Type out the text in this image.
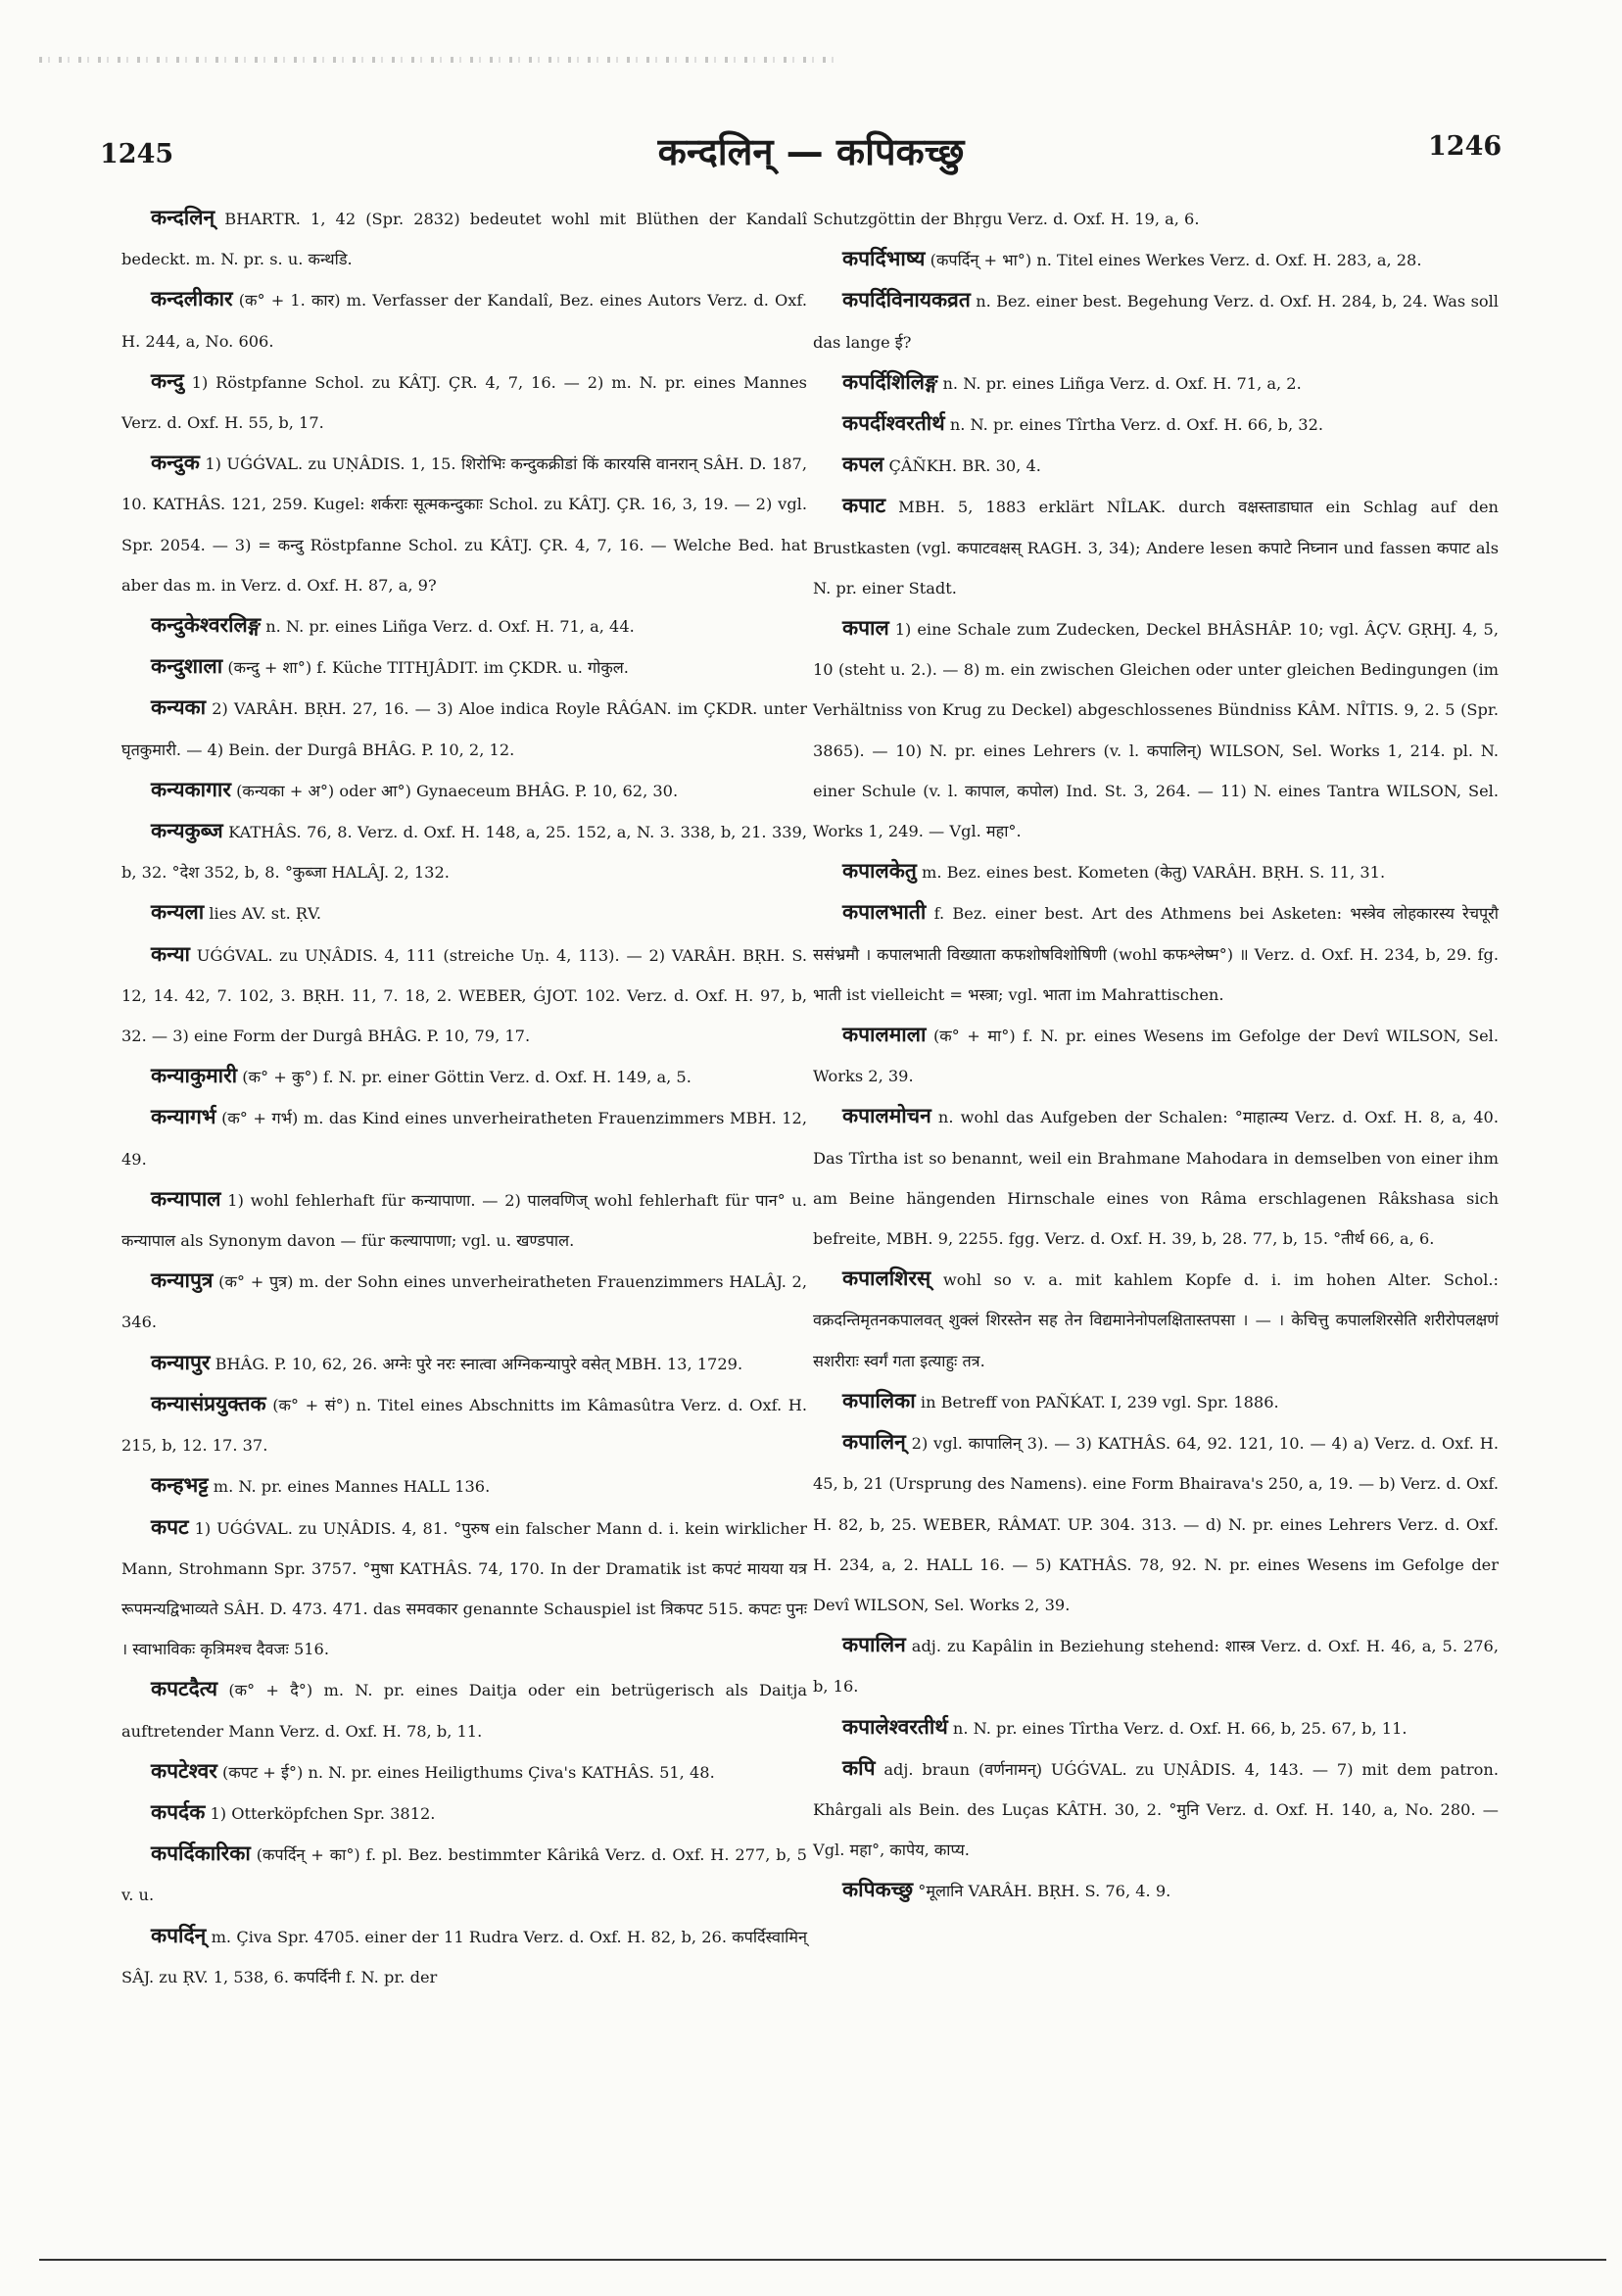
1245	कन्दलिन् — कपिकच्छु	1246

कन्दलिन् BHARTR. 1, 42 (Spr. 2832) bedeutet wohl mit Blüthen der Kandalî bedeckt. m. N. pr. s. u. कन्थडि.

कन्दलीकार (क° + 1. कार) m. Verfasser der Kandalî, Bez. eines Autors Verz. d. Oxf. H. 244, a, No. 606.

कन्दु 1) Röstpfanne Schol. zu KÂTJ. ÇR. 4, 7, 16. — 2) m. N. pr. eines Mannes Verz. d. Oxf. H. 55, b, 17.

कन्दुक 1) UǴǴVAL. zu UṆÂDIS. 1, 15. शिरोभिः कन्दुकक्रीडां किं कारयसि वानरान् SÂH. D. 187, 10. KATHÂS. 121, 259. Kugel: शर्कराः सूत्मकन्दुकाः Schol. zu KÂTJ. ÇR. 16, 3, 19. — 2) vgl. Spr. 2054. — 3) = कन्दु Röstpfanne Schol. zu KÂTJ. ÇR. 4, 7, 16. — Welche Bed. hat aber das m. in Verz. d. Oxf. H. 87, a, 9?

कन्दुकेश्वरलिङ्ग n. N. pr. eines Liñga Verz. d. Oxf. H. 71, a, 44.

कन्दुशाला (कन्दु + शा°) f. Küche TITHJÂDIT. im ÇKDR. u. गोकुल.

कन्यका 2) VARÂH. BṚH. 27, 16. — 3) Aloe indica Royle RÂǴAN. im ÇKDR. unter घृतकुमारी. — 4) Bein. der Durgâ BHÂG. P. 10, 2, 12.

कन्यकागार (कन्यका + अ°) oder आ°) Gynaeceum BHÂG. P. 10, 62, 30.

कन्यकुब्ज KATHÂS. 76, 8. Verz. d. Oxf. H. 148, a, 25. 152, a, N. 3. 338, b, 21. 339, b, 32. °देश 352, b, 8. °कुब्जा HALÂJ. 2, 132.

कन्यला lies AV. st. ṚV.

कन्या UǴǴVAL. zu UṆÂDIS. 4, 111 (streiche Uṇ. 4, 113). — 2) VARÂH. BṚH. S. 12, 14. 42, 7. 102, 3. BṚH. 11, 7. 18, 2. WEBER, ǴJOT. 102. Verz. d. Oxf. H. 97, b, 32. — 3) eine Form der Durgâ BHÂG. P. 10, 79, 17.

कन्याकुमारी (क° + कु°) f. N. pr. einer Göttin Verz. d. Oxf. H. 149, a, 5.

कन्यागर्भ (क° + गर्भ) m. das Kind eines unverheiratheten Frauenzimmers MBH. 12, 49.

कन्यापाल 1) wohl fehlerhaft für कन्यापाणा. — 2) पालवणिज् wohl fehlerhaft für पान° u. कन्यापाल als Synonym davon — für कल्यापाणा; vgl. u. खण्डपाल.

कन्यापुत्र (क° + पुत्र) m. der Sohn eines unverheiratheten Frauenzimmers HALÂJ. 2, 346.

कन्यापुर BHÂG. P. 10, 62, 26. अग्नेः पुरे नरः स्नात्वा अग्निकन्यापुरे वसेत् MBH. 13, 1729.

कन्यासंप्रयुक्तक (क° + सं°) n. Titel eines Abschnitts im Kâmasûtra Verz. d. Oxf. H. 215, b, 12. 17. 37.

कन्हभट्ट m. N. pr. eines Mannes HALL 136.

कपट 1) UǴǴVAL. zu UṆÂDIS. 4, 81. °पुरुष ein falscher Mann d. i. kein wirklicher Mann, Strohmann Spr. 3757. °मुषा KATHÂS. 74, 170. In der Dramatik ist कपटं मायया यत्र रूपमन्यद्विभाव्यते SÂH. D. 473. 471. das समवकार genannte Schauspiel ist त्रिकपट 515. कपटः पुनः । स्वाभाविकः कृत्रिमश्च दैवजः 516.

कपटदैत्य (क° + दै°) m. N. pr. eines Daitja oder ein betrügerisch als Daitja auftretender Mann Verz. d. Oxf. H. 78, b, 11.

कपटेश्वर (कपट + ई°) n. N. pr. eines Heiligthums Çiva's KATHÂS. 51, 48.

कपर्दक 1) Otterköpfchen Spr. 3812.

कपर्दिकारिका (कपर्दिन् + का°) f. pl. Bez. bestimmter Kârikâ Verz. d. Oxf. H. 277, b, 5 v. u.

कपर्दिन् m. Çiva Spr. 4705. einer der 11 Rudra Verz. d. Oxf. H. 82, b, 26. कपर्दिस्वामिन् SÂJ. zu ṚV. 1, 538, 6. कपर्दिनी f. N. pr. der

Schutzgöttin der Bhṛgu Verz. d. Oxf. H. 19, a, 6.

कपर्दिभाष्य (कपर्दिन् + भा°) n. Titel eines Werkes Verz. d. Oxf. H. 283, a, 28.

कपर्दिविनायकव्रत n. Bez. einer best. Begehung Verz. d. Oxf. H. 284, b, 24. Was soll das lange ई?

कपर्दिशिलिङ्ग n. N. pr. eines Liñga Verz. d. Oxf. H. 71, a, 2.

कपर्दीश्वरतीर्थ n. N. pr. eines Tîrtha Verz. d. Oxf. H. 66, b, 32.

कपल ÇÂÑKH. BR. 30, 4.

कपाट MBH. 5, 1883 erklärt NÎLAK. durch वक्षस्ताडाघात ein Schlag auf den Brustkasten (vgl. कपाटवक्षस् RAGH. 3, 34); Andere lesen कपाटे निघ्नान und fassen कपाट als N. pr. einer Stadt.

कपाल 1) eine Schale zum Zudecken, Deckel BHÂSHÂP. 10; vgl. ÂÇV. GṚHJ. 4, 5, 10 (steht u. 2.). — 8) m. ein zwischen Gleichen oder unter gleichen Bedingungen (im Verhältniss von Krug zu Deckel) abgeschlossenes Bündniss KÂM. NÎTIS. 9, 2. 5 (Spr. 3865). — 10) N. pr. eines Lehrers (v. l. कपालिन्) WILSON, Sel. Works 1, 214. pl. N. einer Schule (v. l. कापाल, कपोल) Ind. St. 3, 264. — 11) N. eines Tantra WILSON, Sel. Works 1, 249. — Vgl. महा°.

कपालकेतु m. Bez. eines best. Kometen (केतु) VARÂH. BṚH. S. 11, 31.

कपालभाती f. Bez. einer best. Art des Athmens bei Asketen: भस्त्रेव लोहकारस्य रेचपूरौ ससंभ्रमौ । कपालभाती विख्याता कफशोषविशोषिणी (wohl कफश्लेष्म°) ॥ Verz. d. Oxf. H. 234, b, 29. fg. भाती ist vielleicht = भस्त्रा; vgl. भाता im Mahrattischen.

कपालमाला (क° + मा°) f. N. pr. eines Wesens im Gefolge der Devî WILSON, Sel. Works 2, 39.

कपालमोचन n. wohl das Aufgeben der Schalen: °माहात्म्य Verz. d. Oxf. H. 8, a, 40. Das Tîrtha ist so benannt, weil ein Brahmane Mahodara in demselben von einer ihm am Beine hängenden Hirnschale eines von Râma erschlagenen Râkshasa sich befreite, MBH. 9, 2255. fgg. Verz. d. Oxf. H. 39, b, 28. 77, b, 15. °तीर्थ 66, a, 6.

कपालशिरस् wohl so v. a. mit kahlem Kopfe d. i. im hohen Alter. Schol.: वक्रदन्तिमृतनकपालवत् शुक्लं शिरस्तेन सह तेन विद्यमानेनोपलक्षितास्तपसा । — । केचित्तु कपालशिरसेति शरीरोपलक्षणं सशरीराः स्वर्गं गता इत्याहुः तत्र.

कपालिका in Betreff von PAÑḰAT. I, 239 vgl. Spr. 1886.

कपालिन् 2) vgl. कापालिन् 3). — 3) KATHÂS. 64, 92. 121, 10. — 4) a) Verz. d. Oxf. H. 45, b, 21 (Ursprung des Namens). eine Form Bhairava's 250, a, 19. — b) Verz. d. Oxf. H. 82, b, 25. WEBER, RÂMAT. UP. 304. 313. — d) N. pr. eines Lehrers Verz. d. Oxf. H. 234, a, 2. HALL 16. — 5) KATHÂS. 78, 92. N. pr. eines Wesens im Gefolge der Devî WILSON, Sel. Works 2, 39.

कपालिन adj. zu Kapâlin in Beziehung stehend: शास्त्र Verz. d. Oxf. H. 46, a, 5. 276, b, 16.

कपालेश्वरतीर्थ n. N. pr. eines Tîrtha Verz. d. Oxf. H. 66, b, 25. 67, b, 11.

कपि adj. braun (वर्णनामन्) UǴǴVAL. zu UṆÂDIS. 4, 143. — 7) mit dem patron. Khârgali als Bein. des Luças KÂTH. 30, 2. °मुनि Verz. d. Oxf. H. 140, a, No. 280. — Vgl. महा°, कापेय, काप्य.

कपिकच्छु °मूलानि VARÂH. BṚH. S. 76, 4. 9.
